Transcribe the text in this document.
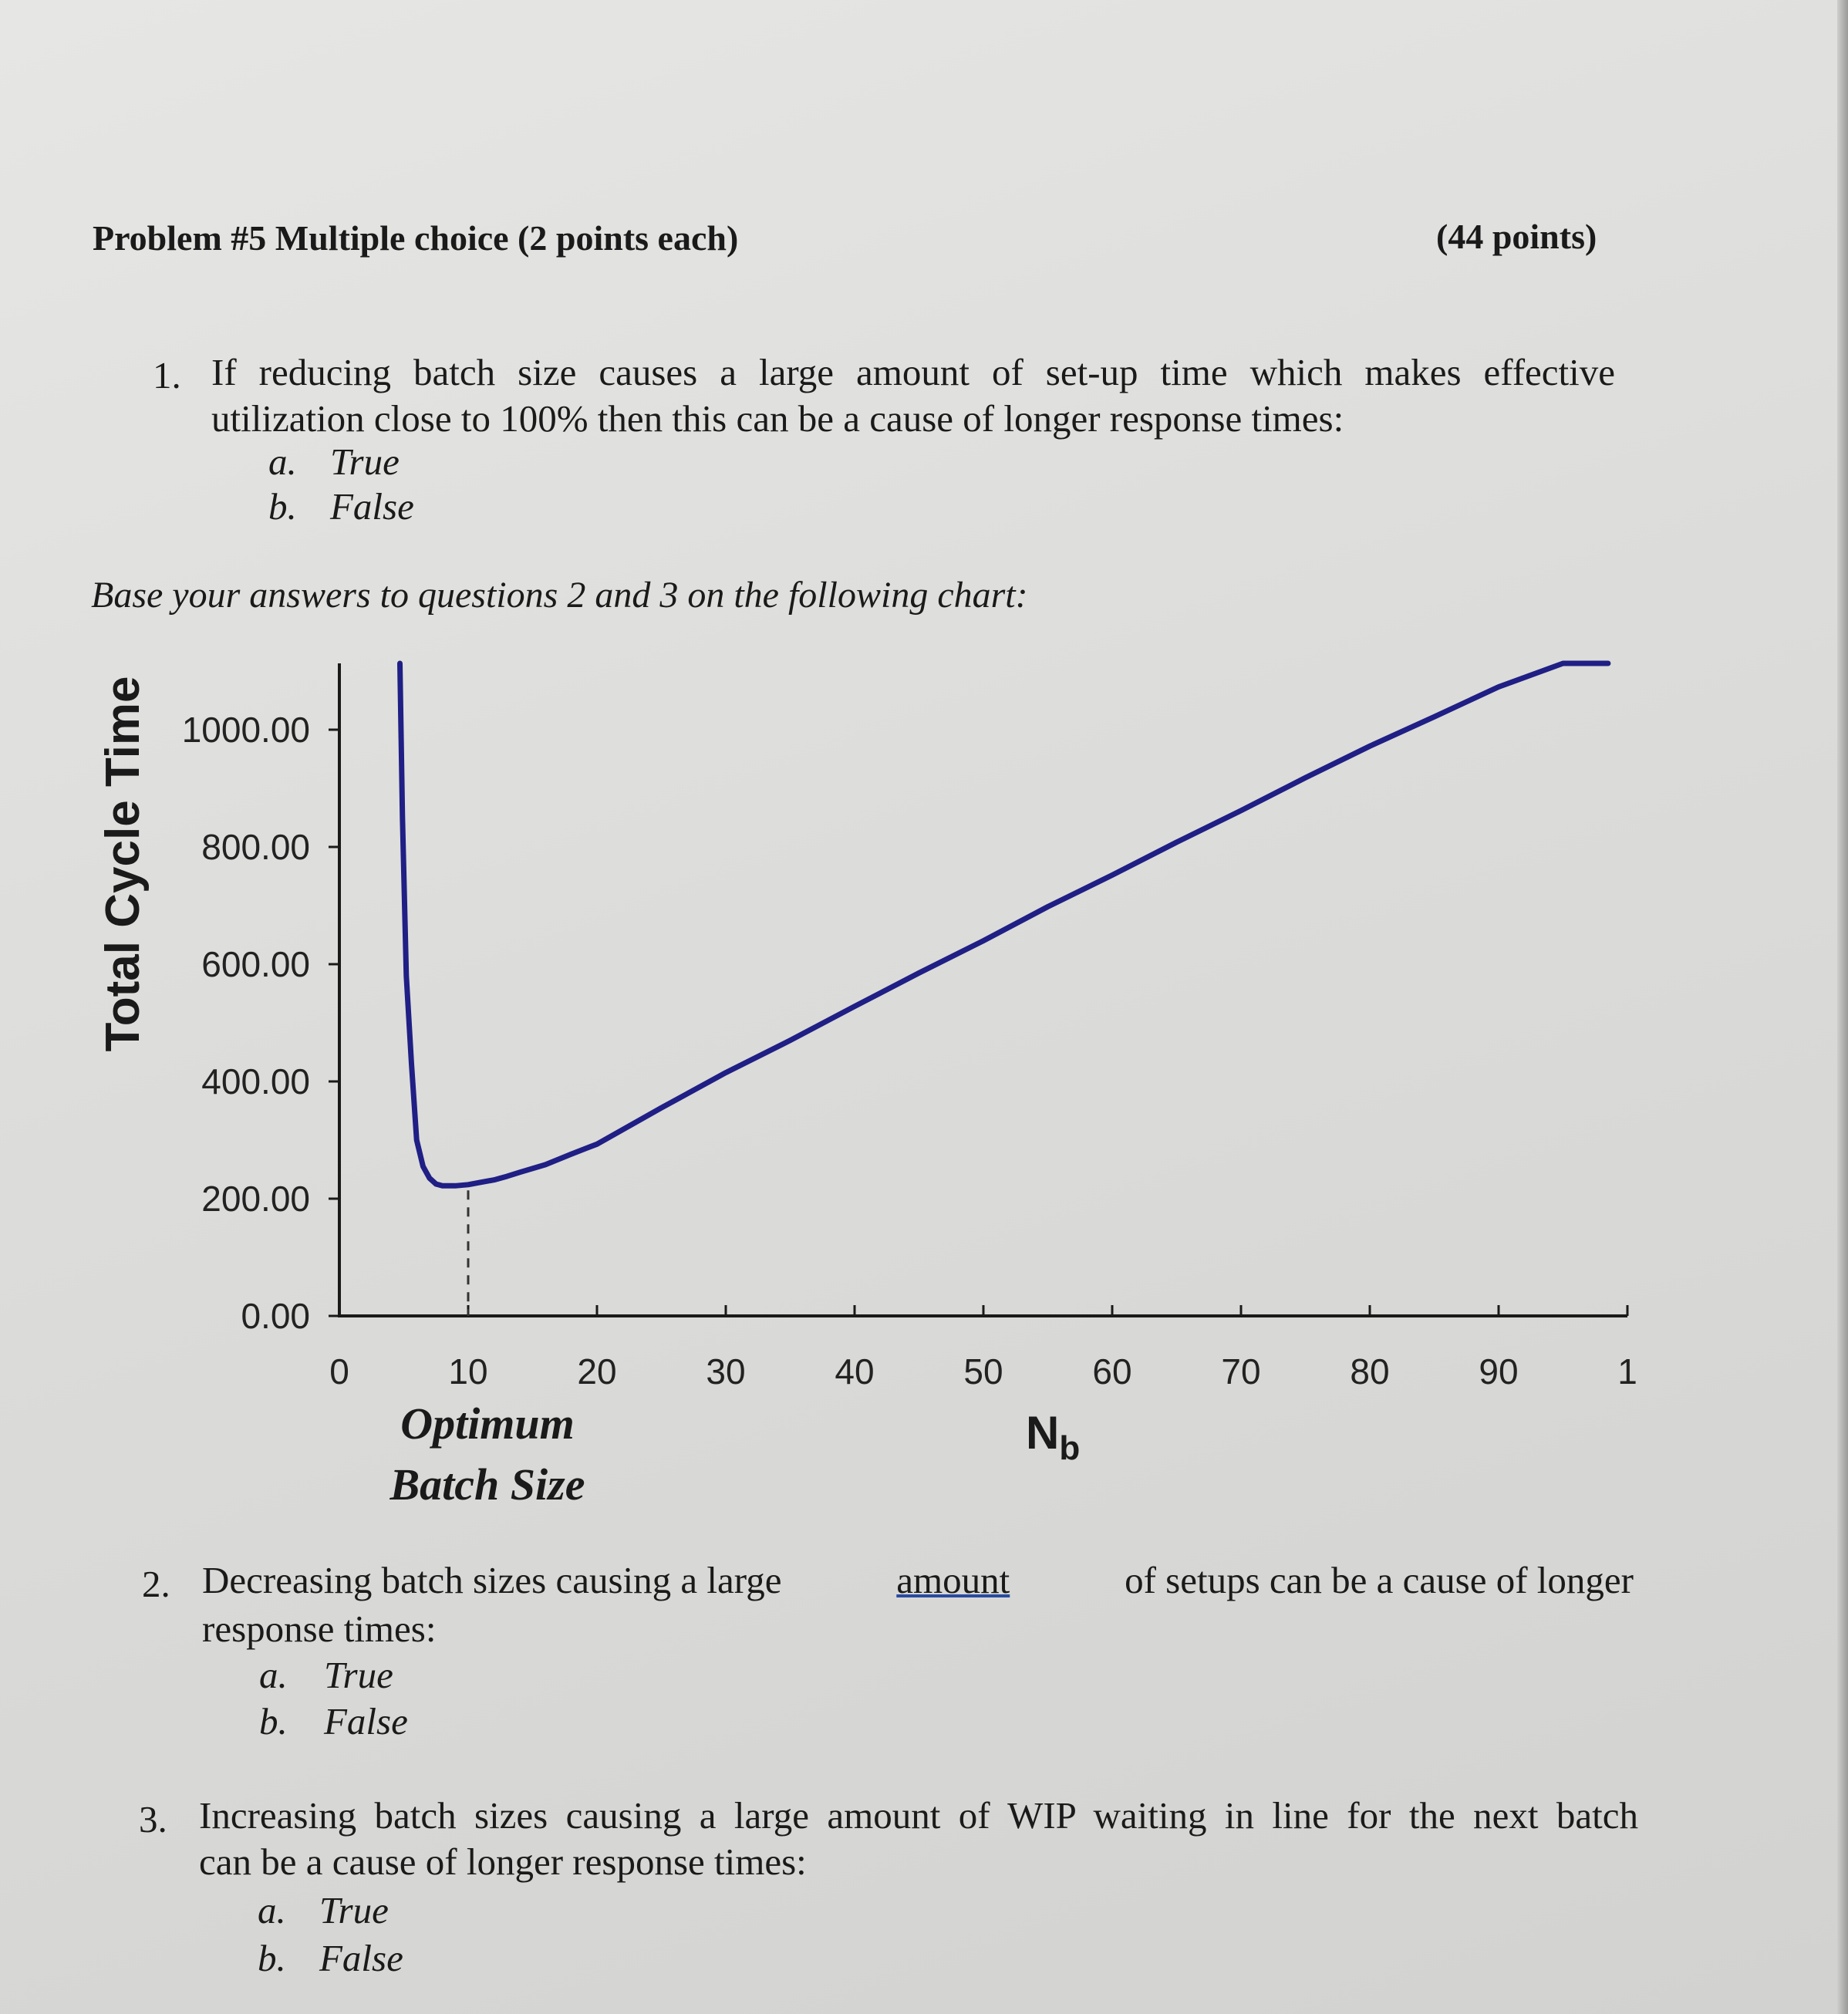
Problem #5 Multiple choice (2 points each)	(44 points)
1. If reducing batch size causes a large amount of set-up time which makes effective
utilization close to 100% then this can be a cause of longer response times:
a. True
b. False
Base your answers to questions 2 and 3 on the following chart:
0.00
200.00
400.00
600.00
800.00
1000.00
0	10	20	30	40	50	60	70	80	90	1
Total Cycle Time
$N_b$
Optimum
Batch Size
2. Decreasing batch sizes causing a large	amount	of setups can be a cause of longer
response times:
a. True
b. False
3. Increasing batch sizes causing a large amount of WIP waiting in line for the next batch
can be a cause of longer response times:
a. True
b. False
